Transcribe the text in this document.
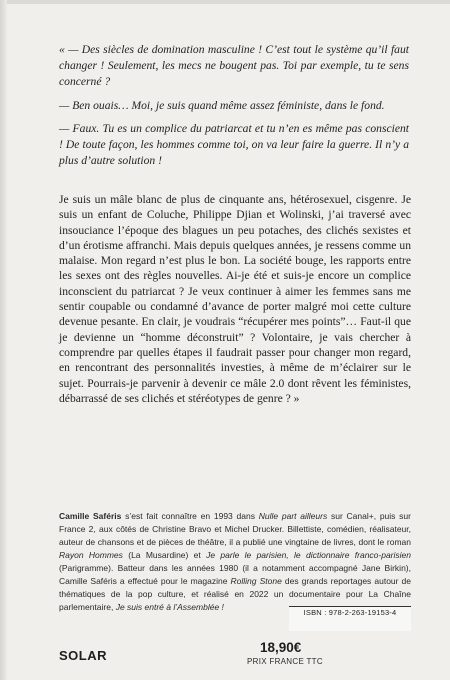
« — Des siècles de domination masculine ! C’est tout le système qu’il faut changer ! Seulement, les mecs ne bougent pas. Toi par exemple, tu te sens concerné ?

— Ben ouais… Moi, je suis quand même assez féministe, dans le fond.

— Faux. Tu es un complice du patriarcat et tu n’en es même pas conscient ! De toute façon, les hommes comme toi, on va leur faire la guerre. Il n’y a plus d’autre solution !

Je suis un mâle blanc de plus de cinquante ans, hétérosexuel, cisgenre. Je suis un enfant de Coluche, Philippe Djian et Wolinski, j’ai traversé avec insouciance l’époque des blagues un peu potaches, des clichés sexistes et d’un érotisme affranchi. Mais depuis quelques années, je ressens comme un malaise. Mon regard n’est plus le bon. La société bouge, les rapports entre les sexes ont des règles nouvelles. Ai-je été et suis-je encore un complice inconscient du patriarcat ? Je veux continuer à aimer les femmes sans me sentir coupable ou condamné d’avance de porter malgré moi cette culture devenue pesante. En clair, je voudrais “récupérer mes points”… Faut-il que je devienne un “homme déconstruit” ? Volontaire, je vais chercher à comprendre par quelles étapes il faudrait passer pour changer mon regard, en rencontrant des personnalités investies, à même de m’éclairer sur le sujet. Pourrais-je parvenir à devenir ce mâle 2.0 dont rêvent les féministes, débarrassé de ses clichés et stéréotypes de genre ? »
Camille Saféris s’est fait connaître en 1993 dans Nulle part ailleurs sur Canal+, puis sur France 2, aux côtés de Christine Bravo et Michel Drucker. Billettiste, comédien, réalisateur, auteur de chansons et de pièces de théâtre, il a publié une vingtaine de livres, dont le roman Rayon Hommes (La Musardine) et Je parle le parisien, le dictionnaire franco-parisien (Parigramme). Batteur dans les années 1980 (il a notamment accompagné Jane Birkin), Camille Saféris a effectué pour le magazine Rolling Stone des grands reportages autour de thématiques de la pop culture, et réalisé en 2022 un documentaire pour La Chaîne parlementaire, Je suis entré à l’Assemblée !
ISBN : 978-2-263-19153-4
SOLAR
18,90€
PRIX FRANCE TTC
